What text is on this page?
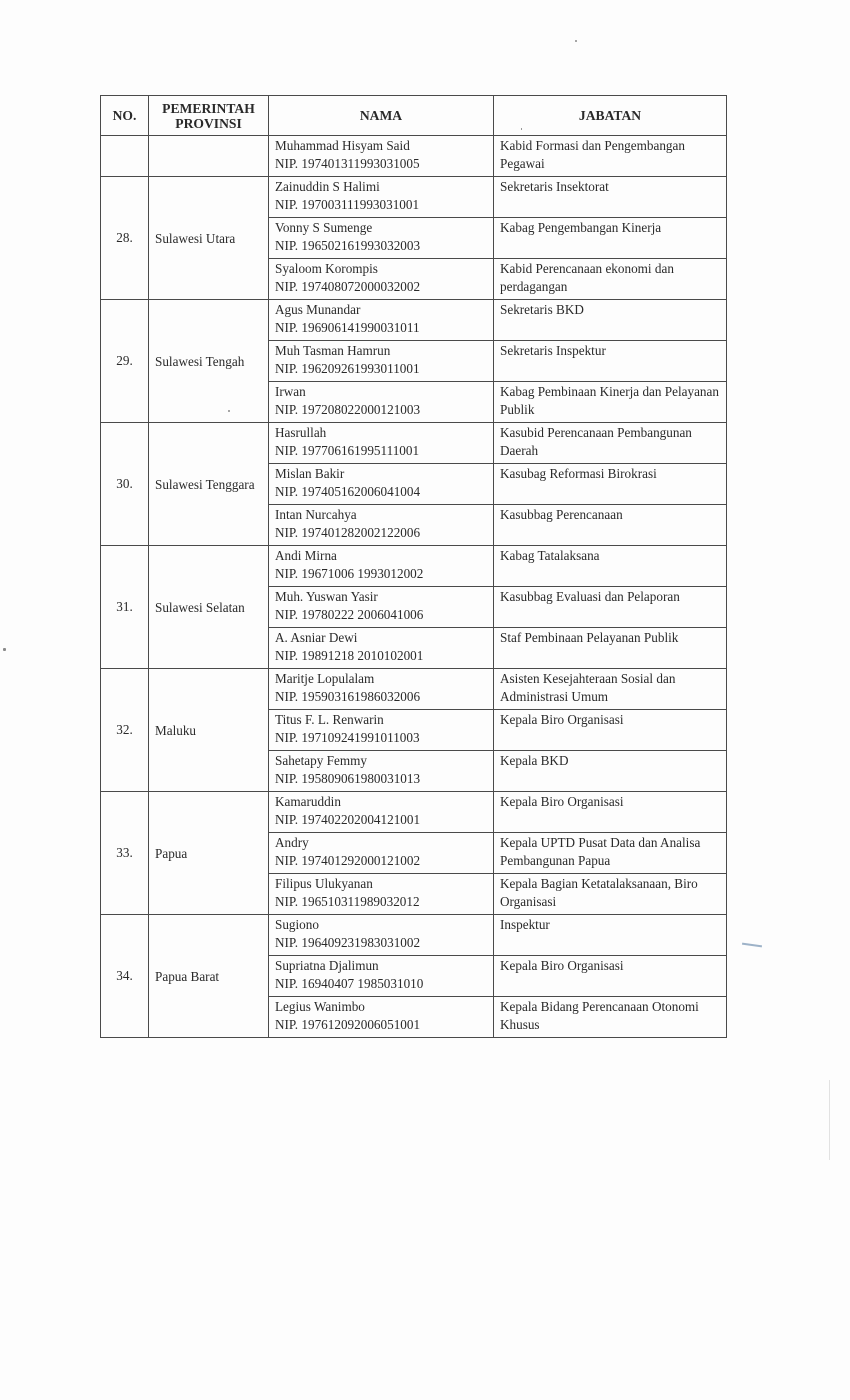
NO.	PEMERINTAH PROVINSI	NAMA	JABATAN

		Muhammad Hisyam Said
NIP. 197401311993031005	Kabid Formasi dan Pengembangan Pegawai
28.	Sulawesi Utara	Zainuddin S Halimi
NIP. 197003111993031001	Sekretaris Insektorat

		Vonny S Sumenge
NIP. 196502161993032003	Kabag Pengembangan Kinerja

		Syaloom Korompis
NIP. 197408072000032002	Kabid Perencanaan ekonomi dan perdagangan
29.	Sulawesi Tengah	Agus Munandar
NIP. 196906141990031011	Sekretaris BKD

		Muh Tasman Hamrun
NIP. 196209261993011001	Sekretaris Inspektur

		Irwan
NIP. 197208022000121003	Kabag Pembinaan Kinerja dan Pelayanan Publik
30.	Sulawesi Tenggara	Hasrullah
NIP. 197706161995111001	Kasubid Perencanaan Pembangunan Daerah

		Mislan Bakir
NIP. 197405162006041004	Kasubag Reformasi Birokrasi

		Intan Nurcahya
NIP. 197401282002122006	Kasubbag Perencanaan
31.	Sulawesi Selatan	Andi Mirna
NIP. 19671006 1993012002	Kabag Tatalaksana

		Muh. Yuswan Yasir
NIP. 19780222 2006041006	Kasubbag Evaluasi dan Pelaporan

		A. Asniar Dewi
NIP. 19891218 2010102001	Staf Pembinaan Pelayanan Publik
32.	Maluku	Maritje Lopulalam
NIP. 195903161986032006	Asisten Kesejahteraan Sosial dan Administrasi Umum

		Titus F. L. Renwarin
NIP. 197109241991011003	Kepala Biro Organisasi

		Sahetapy Femmy
NIP. 195809061980031013	Kepala BKD
33.	Papua	Kamaruddin
NIP. 197402202004121001	Kepala Biro Organisasi

		Andry
NIP. 197401292000121002	Kepala UPTD Pusat Data dan Analisa Pembangunan Papua

		Filipus Ulukyanan
NIP. 196510311989032012	Kepala Bagian Ketatalaksanaan, Biro Organisasi
34.	Papua Barat	Sugiono
NIP. 196409231983031002	Inspektur

		Supriatna Djalimun
NIP. 16940407 1985031010	Kepala Biro Organisasi

		Legius Wanimbo
NIP. 197612092006051001	Kepala Bidang Perencanaan Otonomi Khusus
